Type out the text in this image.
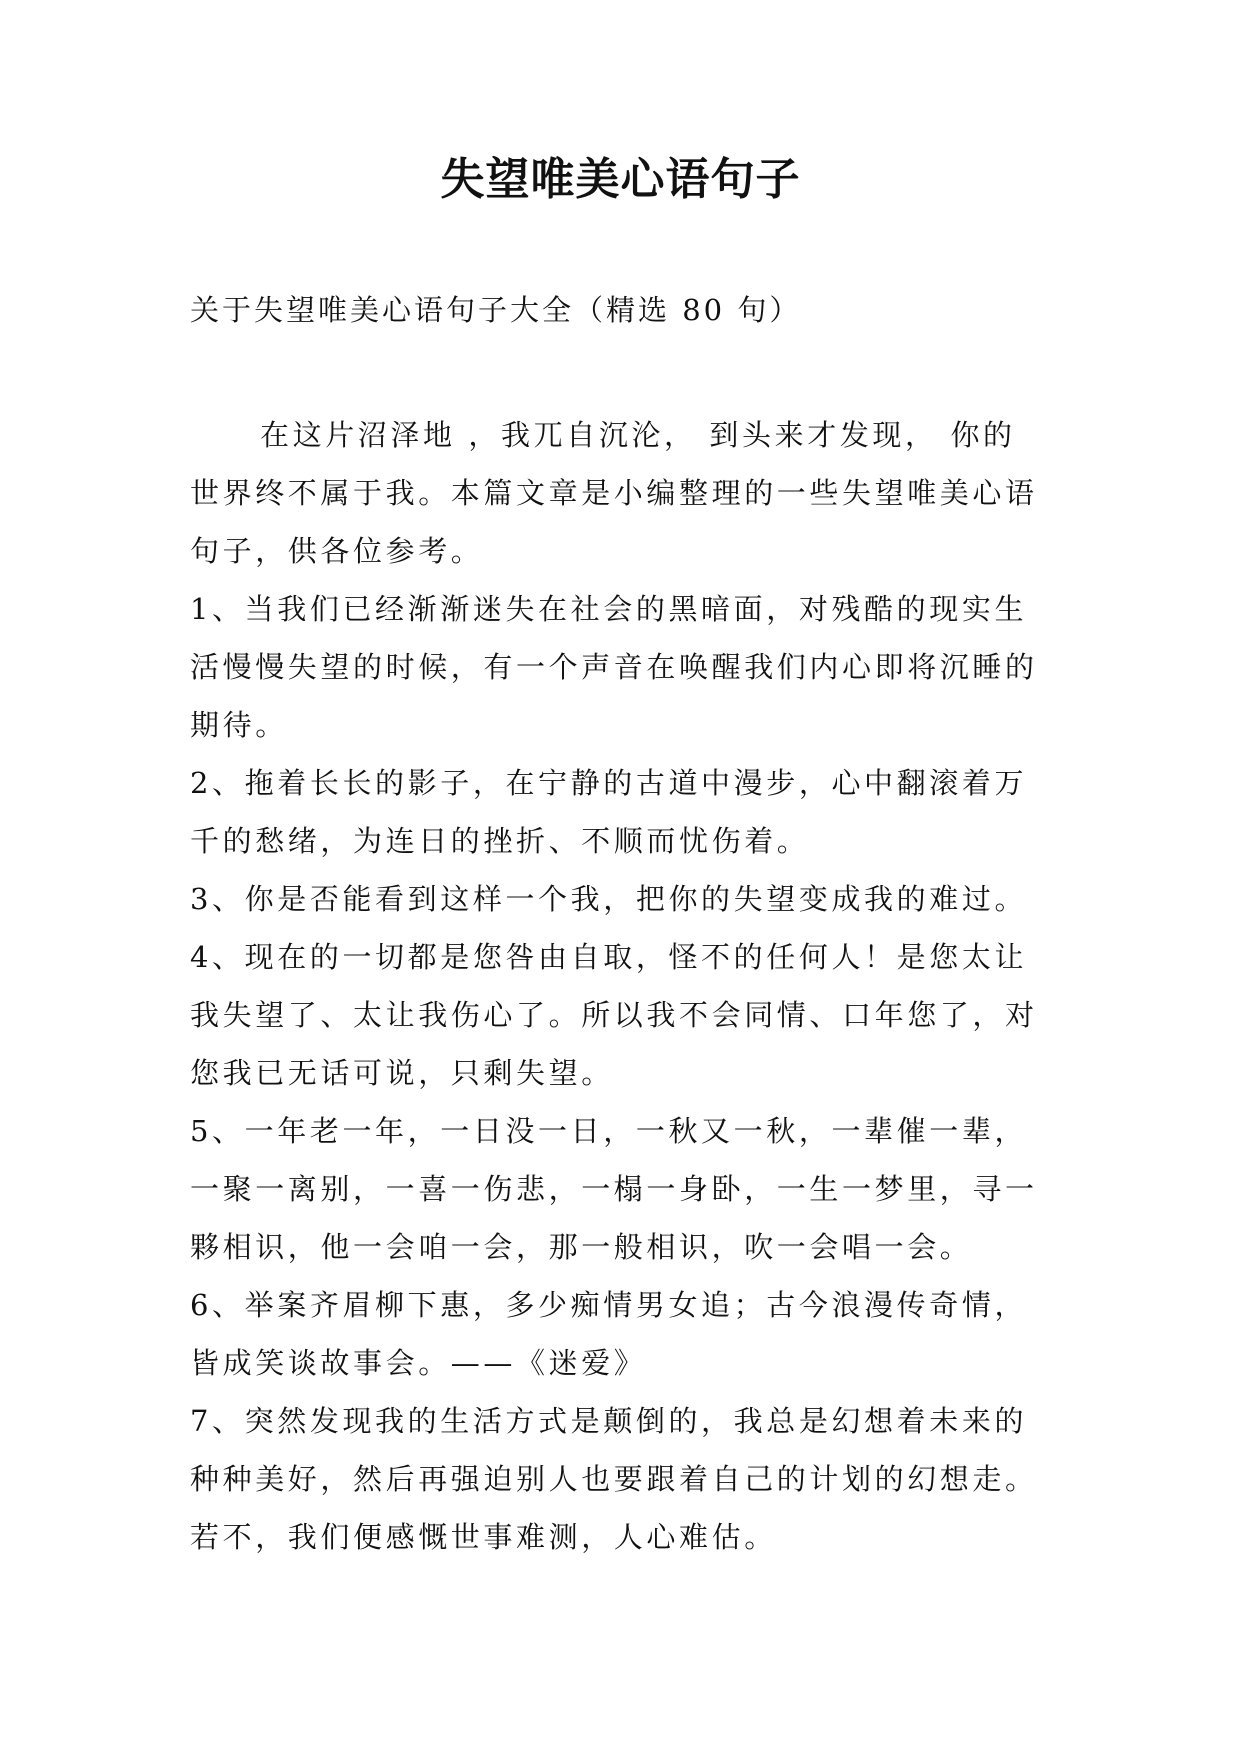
失望唯美心语句子

关于失望唯美心语句子大全（精选 80 句）

在这片沼泽地 ，我兀自沉沦， 到头来才发现， 你的

世界终不属于我。本篇文章是小编整理的一些失望唯美心语

句子，供各位参考。

1、当我们已经渐渐迷失在社会的黑暗面，对残酷的现实生

活慢慢失望的时候，有一个声音在唤醒我们内心即将沉睡的

期待。

2、拖着长长的影子，在宁静的古道中漫步，心中翻滚着万

千的愁绪，为连日的挫折、不顺而忧伤着。

3、你是否能看到这样一个我，把你的失望变成我的难过。

4、现在的一切都是您咎由自取，怪不的任何人！是您太让

我失望了、太让我伤心了。所以我不会同情、口年您了，对

您我已无话可说，只剩失望。

5、一年老一年，一日没一日，一秋又一秋，一辈催一辈，

一聚一离别，一喜一伤悲，一榻一身卧，一生一梦里，寻一

夥相识，他一会咱一会，那一般相识，吹一会唱一会。

6、举案齐眉柳下惠，多少痴情男女追；古今浪漫传奇情，

皆成笑谈故事会。——《迷爱》

7、突然发现我的生活方式是颠倒的，我总是幻想着未来的

种种美好，然后再强迫别人也要跟着自己的计划的幻想走。

若不，我们便感慨世事难测，人心难估。
